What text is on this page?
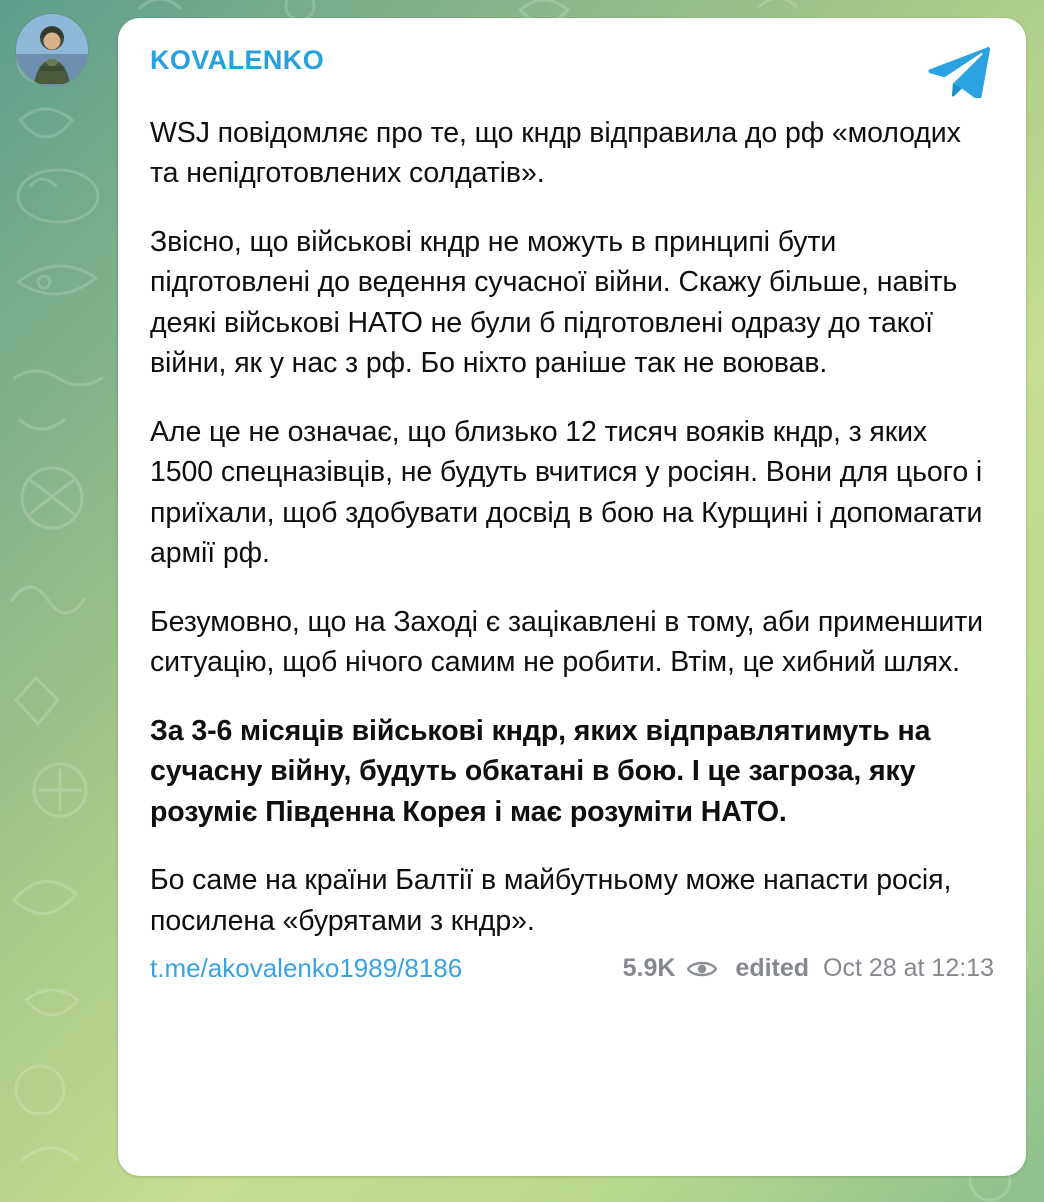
KOVALENKO

WSJ повідомляє про те, що кндр відправила до рф «молодих та непідготовлених солдатів».

Звісно, що військові кндр не можуть в принципі бути підготовлені до ведення сучасної війни. Скажу більше, навіть деякі військові НАТО не були б підготовлені одразу до такої війни, як у нас з рф. Бо ніхто раніше так не воював.

Але це не означає, що близько 12 тисяч вояків кндр, з яких 1500 спецназівців, не будуть вчитися у росіян. Вони для цього і приїхали, щоб здобувати досвід в бою на Курщині і допомагати армії рф.

Безумовно, що на Заході є зацікавлені в тому, аби применшити ситуацію, щоб нічого самим не робити. Втім, це хибний шлях.

За 3-6 місяців військові кндр, яких відправлятимуть на сучасну війну, будуть обкатані в бою. І це загроза, яку розуміє Південна Корея і має розуміти НАТО.

Бо саме на країни Балтії в майбутньому може напасти росія, посилена «бурятами з кндр».

t.me/akovalenko1989/8186	5.9K edited Oct 28 at 12:13
